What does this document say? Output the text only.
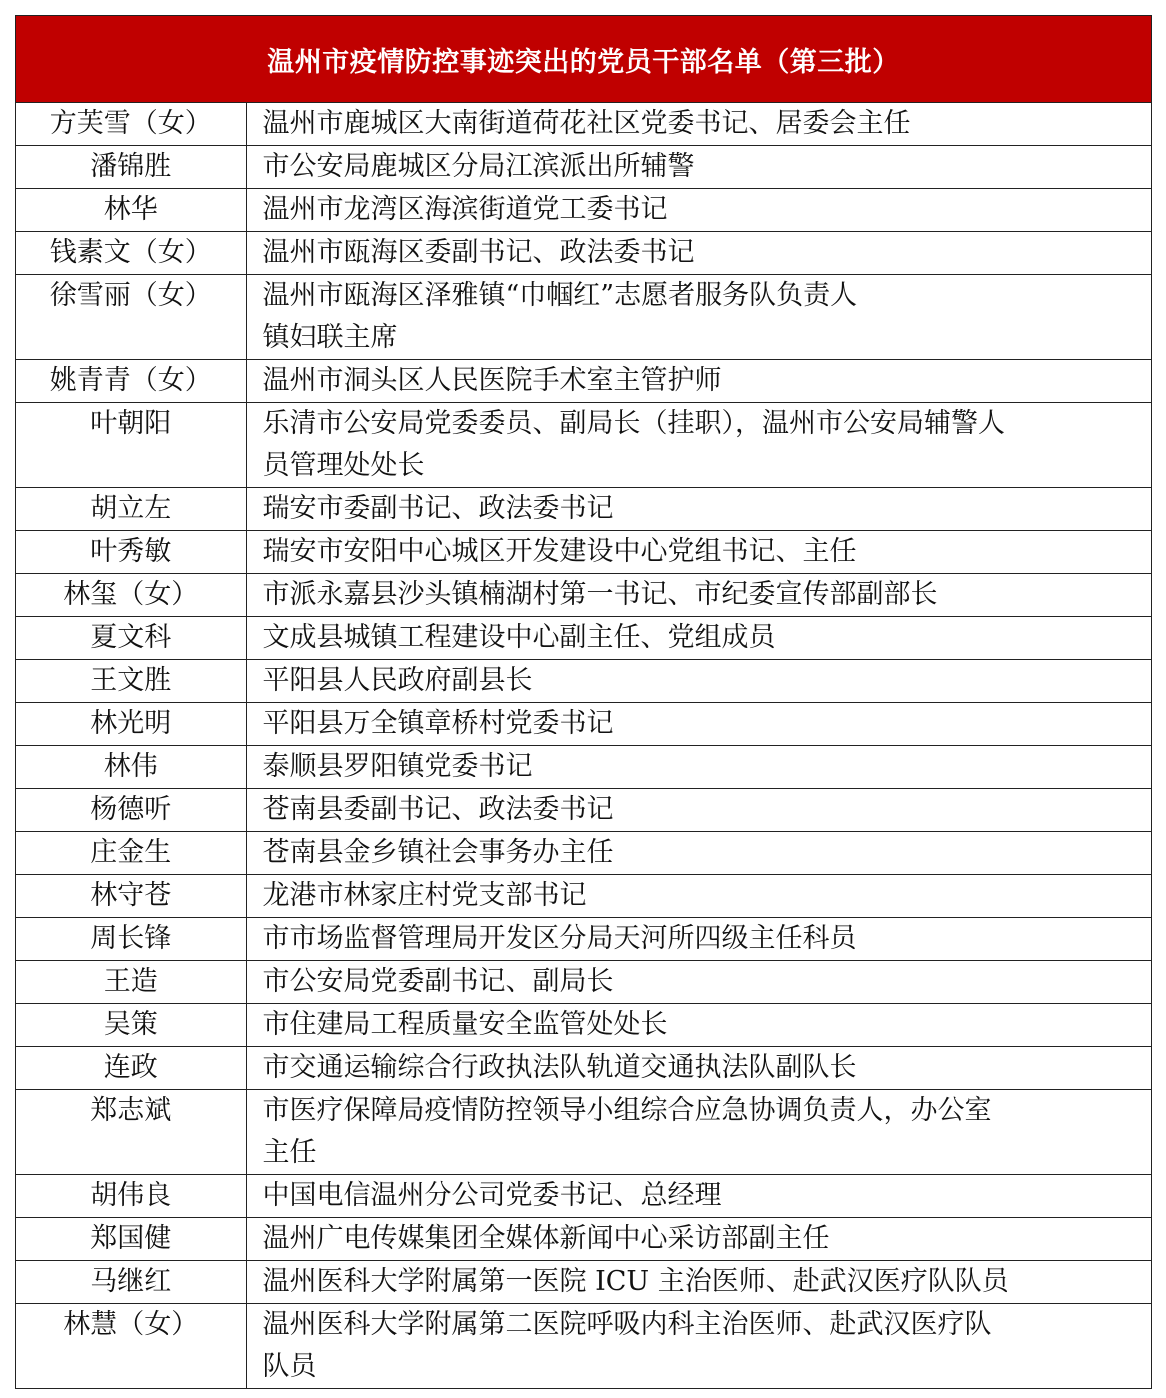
温州市疫情防控事迹突出的党员干部名单（第三批）
方芙雪（女）	温州市鹿城区大南街道荷花社区党委书记、居委会主任

潘锦胜	市公安局鹿城区分局江滨派出所辅警

林华	温州市龙湾区海滨街道党工委书记

钱素文（女）	温州市瓯海区委副书记、政法委书记

徐雪丽（女）	温州市瓯海区泽雅镇“巾帼红”志愿者服务队负责人
镇妇联主席

姚青青（女）	温州市洞头区人民医院手术室主管护师

叶朝阳	乐清市公安局党委委员、副局长（挂职），温州市公安局辅警人
员管理处处长

胡立左	瑞安市委副书记、政法委书记

叶秀敏	瑞安市安阳中心城区开发建设中心党组书记、主任

林玺（女）	市派永嘉县沙头镇楠湖村第一书记、市纪委宣传部副部长

夏文科	文成县城镇工程建设中心副主任、党组成员

王文胜	平阳县人民政府副县长

林光明	平阳县万全镇章桥村党委书记

林伟	泰顺县罗阳镇党委书记

杨德听	苍南县委副书记、政法委书记

庄金生	苍南县金乡镇社会事务办主任

林守苍	龙港市林家庄村党支部书记

周长锋	市市场监督管理局开发区分局天河所四级主任科员

王造	市公安局党委副书记、副局长

吴策	市住建局工程质量安全监管处处长

连政	市交通运输综合行政执法队轨道交通执法队副队长

郑志斌	市医疗保障局疫情防控领导小组综合应急协调负责人，办公室
主任

胡伟良	中国电信温州分公司党委书记、总经理

郑国健	温州广电传媒集团全媒体新闻中心采访部副主任

马继红	温州医科大学附属第一医院 ICU 主治医师、赴武汉医疗队队员

林慧（女）	温州医科大学附属第二医院呼吸内科主治医师、赴武汉医疗队
队员
